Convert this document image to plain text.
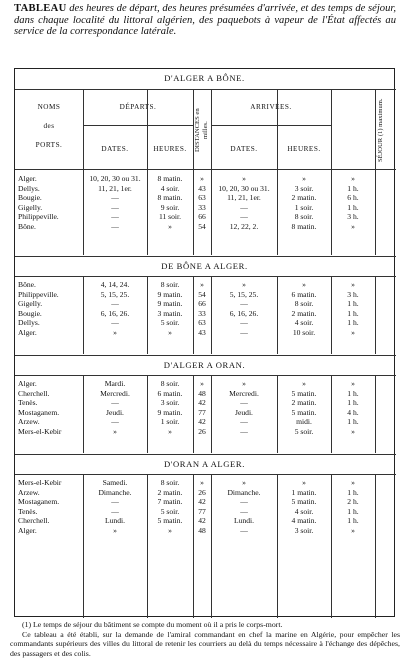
TABLEAU des heures de départ, des heures présumées d'arrivée, et des temps de séjour, dans chaque localité du littoral algérien, des paquebots à vapeur de l'État affectés au service de la correspondance latérale.
D'ALGER A BÔNE.
NOMS
des
PORTS.
DÉPARTS.	ARRIVÉES.
DATES.	HEURES.	DATES.	HEURES.
DISTANCES en milles.	SÉJOUR (1) maximum.
Alger.	10, 20, 30 ou 31.	8 matin.	»	»	»	»
Dellys.	11, 21, 1er.	4 soir.	43	10, 20, 30 ou 31.	3 soir.	1 h.
Bougie.	—	8 matin.	63	11, 21, 1er.	2 matin.	6 h.
Gigelly.	—	9 soir.	33	—	1 soir.	1 h.
Philippeville.	—	11 soir.	66	—	8 soir.	3 h.
Bône.	—	»	54	12, 22, 2.	8 matin.	»
DE BÔNE A ALGER.
Bône.	4, 14, 24.	8 soir.	»	»	»	»
Philippeville.	5, 15, 25.	9 matin.	54	5, 15, 25.	6 matin.	3 h.
Gigelly.	—	9 matin.	66	—	8 soir.	1 h.
Bougie.	6, 16, 26.	3 matin.	33	6, 16, 26.	2 matin.	1 h.
Dellys.	—	5 soir.	63	—	4 soir.	1 h.
Alger.	»	»	43	—	10 soir.	»
D'ALGER A ORAN.
Alger.	Mardi.	8 soir.	»	»	»	»
Cherchell.	Mercredi.	6 matin.	48	Mercredi.	5 matin.	1 h.
Tenès.	—	3 soir.	42	—	2 matin.	1 h.
Mostaganem.	Jeudi.	9 matin.	77	Jeudi.	5 matin.	4 h.
Arzew.	—	1 soir.	42	—	midi.	1 h.
Mers-el-Kebir	»	»	26	—	5 soir.	»
D'ORAN A ALGER.
Mers-el-Kebir	Samedi.	8 soir.	»	»	»	»
Arzew.	Dimanche.	2 matin.	26	Dimanche.	1 matin.	1 h.
Mostaganem.	—	7 matin.	42	—	5 matin.	2 h.
Tenès.	—	5 soir.	77	—	4 soir.	1 h.
Cherchell.	Lundi.	5 matin.	42	Lundi.	4 matin.	1 h.
Alger.	»	»	48	—	3 soir.	»

(1) Le temps de séjour du bâtiment se compte du moment où il a pris le corps-mort.

Ce tableau a été établi, sur la demande de l'amiral commandant en chef la marine en Algérie, pour empêcher les commandants supérieurs des villes du littoral de retenir les courriers au delà du temps nécessaire à l'échange des dépêches, des passagers et des colis.
